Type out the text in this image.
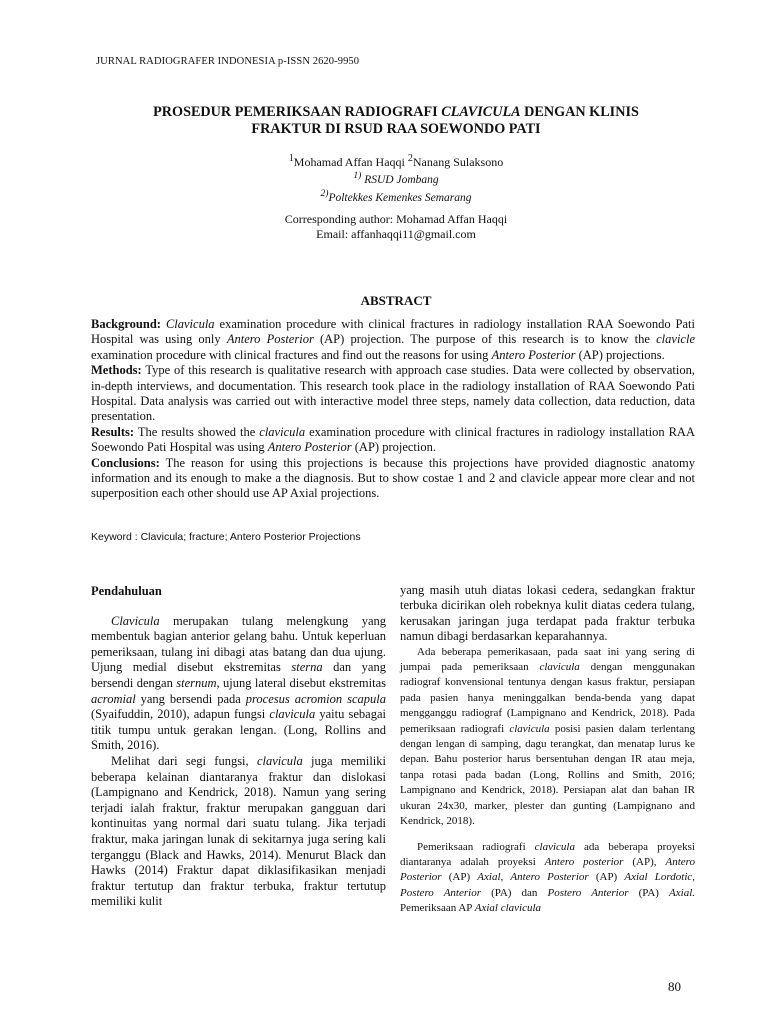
JURNAL RADIOGRAFER INDONESIA p-ISSN 2620-9950
PROSEDUR PEMERIKSAAN RADIOGRAFI CLAVICULA DENGAN KLINIS
FRAKTUR DI RSUD RAA SOEWONDO PATI
$^1$Mohamad Affan Haqqi $^2$Nanang Sulaksono
$^{1)}$ RSUD Jombang
$^{2)}$Poltekkes Kemenkes Semarang
Corresponding author: Mohamad Affan Haqqi
Email: affanhaqqi11@gmail.com
ABSTRACT

Background: Clavicula examination procedure with clinical fractures in radiology installation RAA Soewondo Pati Hospital was using only Antero Posterior (AP) projection. The purpose of this research is to know the clavicle examination procedure with clinical fractures and find out the reasons for using Antero Posterior (AP) projections.

Methods: Type of this research is qualitative research with approach case studies. Data were collected by observation, in-depth interviews, and documentation. This research took place in the radiology installation of RAA Soewondo Pati Hospital. Data analysis was carried out with interactive model three steps, namely data collection, data reduction, data presentation.

Results: The results showed the clavicula examination procedure with clinical fractures in radiology installation RAA Soewondo Pati Hospital was using Antero Posterior (AP) projection.

Conclusions: The reason for using this projections is because this projections have provided diagnostic anatomy information and its enough to make a the diagnosis. But to show costae 1 and 2 and clavicle appear more clear and not superposition each other should use AP Axial projections.

Keyword : Clavicula; fracture; Antero Posterior Projections
Pendahuluan

Clavicula merupakan tulang melengkung yang membentuk bagian anterior gelang bahu. Untuk keperluan pemeriksaan, tulang ini dibagi atas batang dan dua ujung. Ujung medial disebut ekstremitas sterna dan yang bersendi dengan sternum, ujung lateral disebut ekstremitas acromial yang bersendi pada procesus acromion scapula (Syaifuddin, 2010), adapun fungsi clavicula yaitu sebagai titik tumpu untuk gerakan lengan. (Long, Rollins and Smith, 2016).

Melihat dari segi fungsi, clavicula juga memiliki beberapa kelainan diantaranya fraktur dan dislokasi (Lampignano and Kendrick, 2018). Namun yang sering terjadi ialah fraktur, fraktur merupakan gangguan dari kontinuitas yang normal dari suatu tulang. Jika terjadi fraktur, maka jaringan lunak di sekitarnya juga sering kali terganggu (Black and Hawks, 2014). Menurut Black dan Hawks (2014) Fraktur dapat diklasifikasikan menjadi fraktur tertutup dan fraktur terbuka, fraktur tertutup memiliki kulit

yang masih utuh diatas lokasi cedera, sedangkan fraktur terbuka dicirikan oleh robeknya kulit diatas cedera tulang, kerusakan jaringan juga terdapat pada fraktur terbuka namun dibagi berdasarkan keparahannya.

Ada beberapa pemerikasaan, pada saat ini yang sering di jumpai pada pemeriksaan clavicula dengan menggunakan radiograf konvensional tentunya dengan kasus fraktur, persiapan pada pasien hanya meninggalkan benda-benda yang dapat mengganggu radiograf (Lampignano and Kendrick, 2018). Pada pemeriksaan radiografi clavicula posisi pasien dalam terlentang dengan lengan di samping, dagu terangkat, dan menatap lurus ke depan. Bahu posterior harus bersentuhan dengan IR atau meja, tanpa rotasi pada badan (Long, Rollins and Smith, 2016; Lampignano and Kendrick, 2018). Persiapan alat dan bahan IR ukuran 24x30, marker, plester dan gunting (Lampignano and Kendrick, 2018).

Pemeriksaan radiografi clavicula ada beberapa proyeksi diantaranya adalah proyeksi Antero posterior (AP), Antero Posterior (AP) Axial, Antero Posterior (AP) Axial Lordotic, Postero Anterior (PA) dan Postero Anterior (PA) Axial. Pemeriksaan AP Axial clavicula

80
